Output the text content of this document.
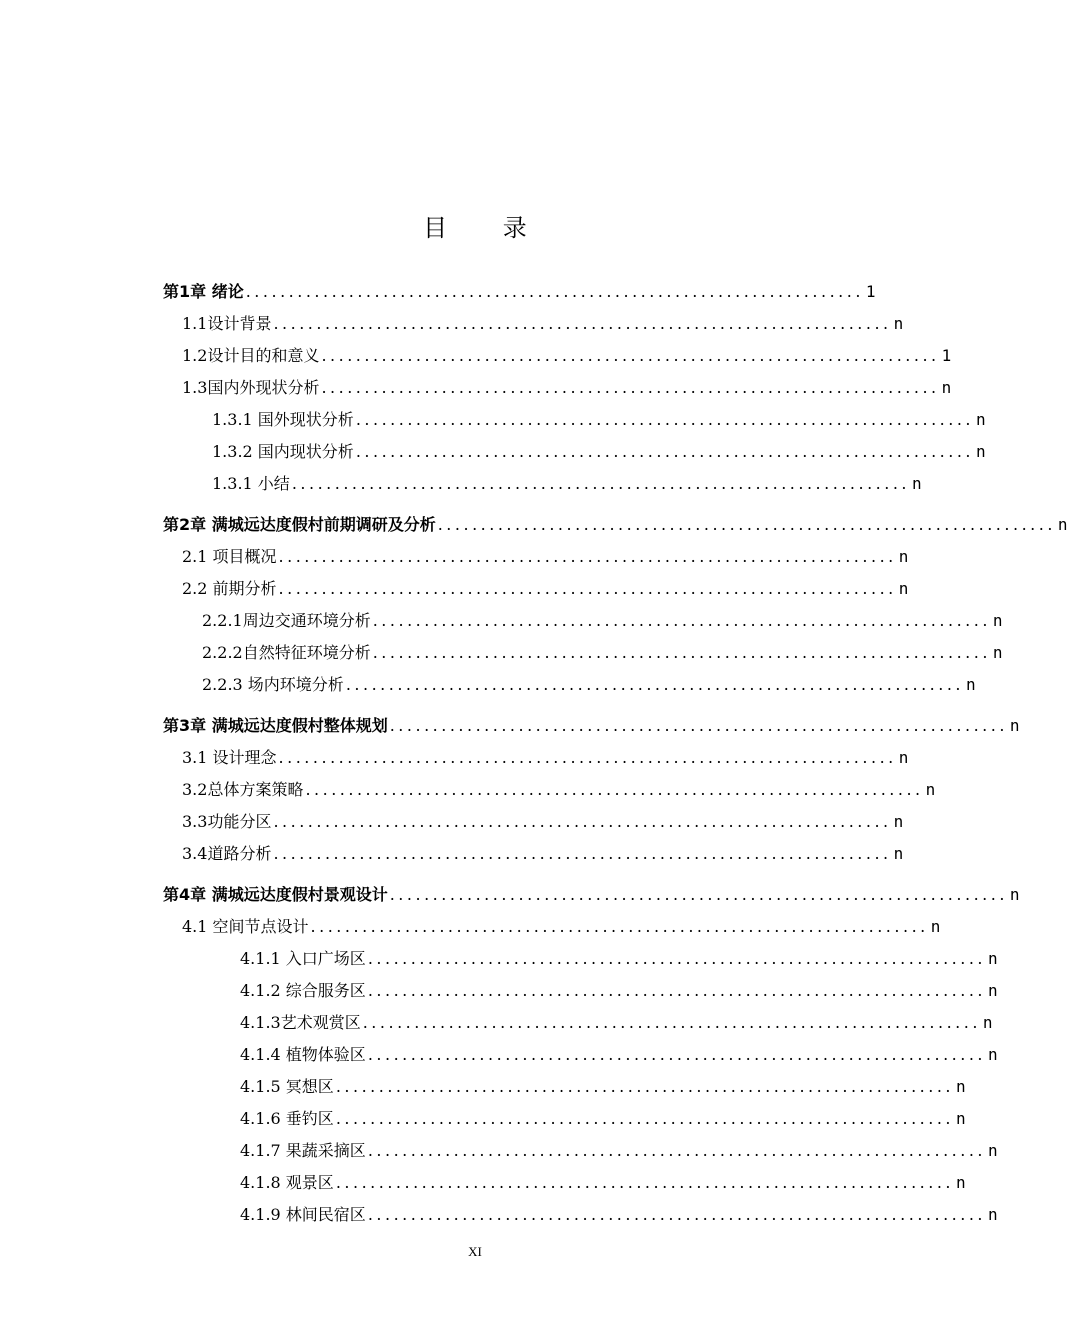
目 录
第1章 绪论 ........................................................................ 1
1.1设计背景 ........................................................................ n
1.2设计目的和意义 ........................................................................ 1
1.3国内外现状分析 ........................................................................ n
1.3.1 国外现状分析 ........................................................................ n
1.3.2 国内现状分析 ........................................................................ n
1.3.1 小结 ........................................................................ n
第2章 满城远达度假村前期调研及分析 ........................................................................ n
2.1 项目概况 ........................................................................ n
2.2 前期分析 ........................................................................ n
2.2.1周边交通环境分析 ........................................................................ n
2.2.2自然特征环境分析 ........................................................................ n
2.2.3 场内环境分析 ........................................................................ n
第3章 满城远达度假村整体规划 ........................................................................ n
3.1 设计理念 ........................................................................ n
3.2总体方案策略 ........................................................................ n
3.3功能分区 ........................................................................ n
3.4道路分析 ........................................................................ n
第4章 满城远达度假村景观设计 ........................................................................ n
4.1 空间节点设计 ........................................................................ n
4.1.1 入口广场区 ........................................................................ n
4.1.2 综合服务区 ........................................................................ n
4.1.3艺术观赏区 ........................................................................ n
4.1.4 植物体验区 ........................................................................ n
4.1.5 冥想区 ........................................................................ n
4.1.6 垂钓区 ........................................................................ n
4.1.7 果蔬采摘区 ........................................................................ n
4.1.8 观景区 ........................................................................ n
4.1.9 林间民宿区 ........................................................................ n
XI
